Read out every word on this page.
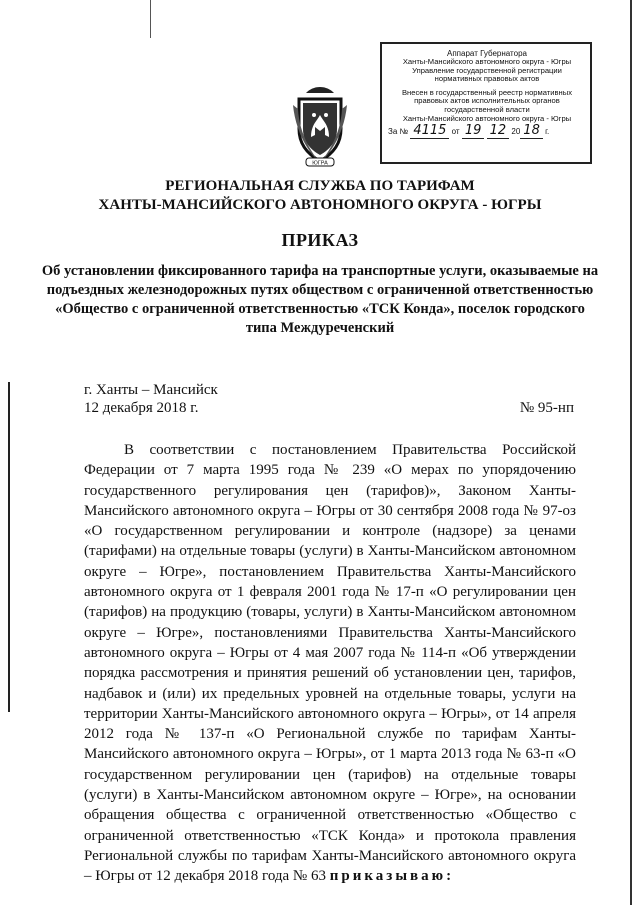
Аппарат Губернатора
Ханты-Мансийского автономного округа - Югры
Управление государственной регистрации
нормативных правовых актов
Внесен в государственный реестр нормативных
правовых актов исполнительных органов
государственной власти
Ханты-Мансийского автономного округа - Югры
За № 4115 от 19 12 20 18 г.
ЮГРА
РЕГИОНАЛЬНАЯ СЛУЖБА ПО ТАРИФАМ
ХАНТЫ-МАНСИЙСКОГО АВТОНОМНОГО ОКРУГА - ЮГРЫ
ПРИКАЗ
Об установлении фиксированного тарифа на транспортные услуги, оказываемые на подъездных железнодорожных путях обществом с ограниченной ответственностью «Общество с ограниченной ответственностью «ТСК Конда», поселок городского типа Междуреченский
г. Ханты – Мансийск
12 декабря 2018 г.	№ 95-нп

В соответствии с постановлением Правительства Российской Федерации от 7 марта 1995 года № 239 «О мерах по упорядочению государственного регулирования цен (тарифов)», Законом Ханты-Мансийского автономного округа – Югры от 30 сентября 2008 года № 97-оз «О государственном регулировании и контроле (надзоре) за ценами (тарифами) на отдельные товары (услуги) в Ханты-Мансийском автономном округе – Югре», постановлением Правительства Ханты-Мансийского автономного округа от 1 февраля 2001 года № 17-п «О регулировании цен (тарифов) на продукцию (товары, услуги) в Ханты-Мансийском автономном округе – Югре», постановлениями Правительства Ханты-Мансийского автономного округа – Югры от 4 мая 2007 года № 114-п «Об утверждении порядка рассмотрения и принятия решений об установлении цен, тарифов, надбавок и (или) их предельных уровней на отдельные товары, услуги на территории Ханты-Мансийского автономного округа – Югры», от 14 апреля 2012 года № 137-п «О Региональной службе по тарифам Ханты-Мансийского автономного округа – Югры», от 1 марта 2013 года № 63-п «О государственном регулировании цен (тарифов) на отдельные товары (услуги) в Ханты-Мансийском автономном округе – Югре», на основании обращения общества с ограниченной ответственностью «Общество с ограниченной ответственностью «ТСК Конда» и протокола правления Региональной службы по тарифам Ханты-Мансийского автономного округа – Югры от 12 декабря 2018 года № 63 приказываю:
